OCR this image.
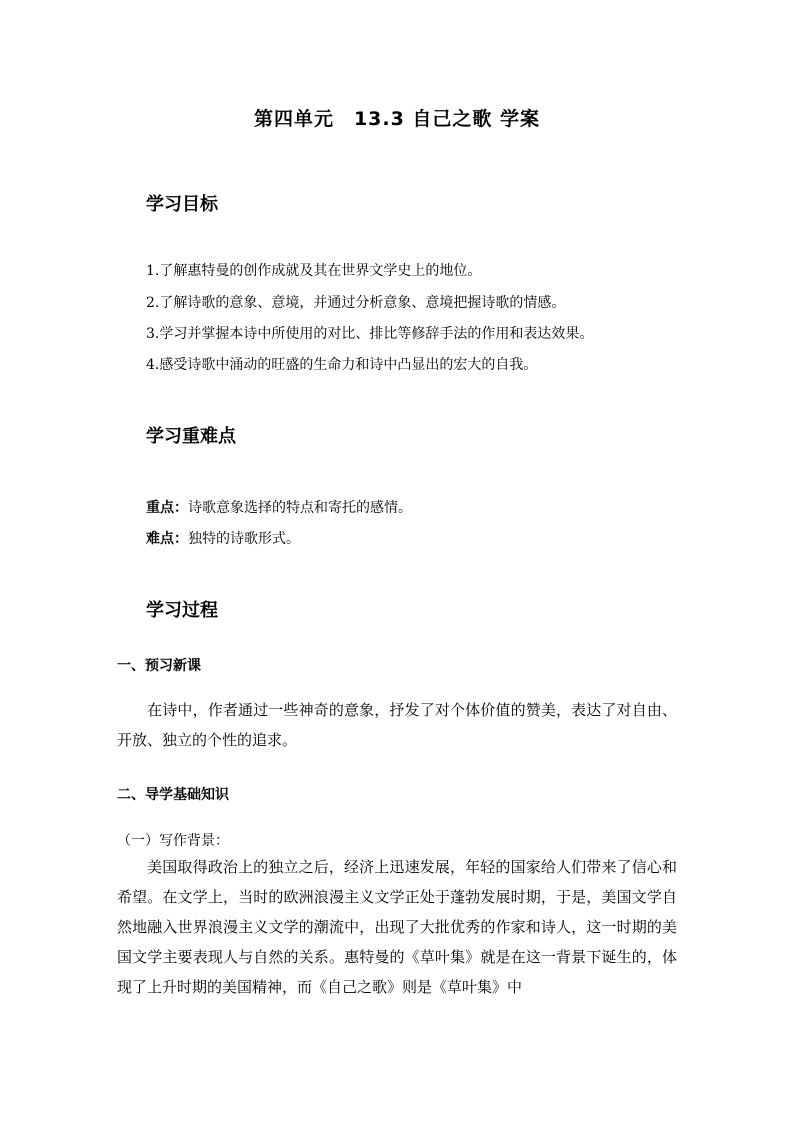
第四单元　13.3 自己之歌 学案
学习目标

1.了解惠特曼的创作成就及其在世界文学史上的地位。

2.了解诗歌的意象、意境，并通过分析意象、意境把握诗歌的情感。

3.学习并掌握本诗中所使用的对比、排比等修辞手法的作用和表达效果。

4.感受诗歌中涌动的旺盛的生命力和诗中凸显出的宏大的自我。

学习重难点

重点：诗歌意象选择的特点和寄托的感情。

难点：独特的诗歌形式。

学习过程
一、预习新课

在诗中，作者通过一些神奇的意象，抒发了对个体价值的赞美，表达了对自由、开放、独立的个性的追求。

二、导学基础知识

（一）写作背景：

美国取得政治上的独立之后，经济上迅速发展，年轻的国家给人们带来了信心和希望。在文学上，当时的欧洲浪漫主义文学正处于蓬勃发展时期，于是，美国文学自然地融入世界浪漫主义文学的潮流中，出现了大批优秀的作家和诗人，这一时期的美国文学主要表现人与自然的关系。惠特曼的《草叶集》就是在这一背景下诞生的，体现了上升时期的美国精神，而《自己之歌》则是《草叶集》中
